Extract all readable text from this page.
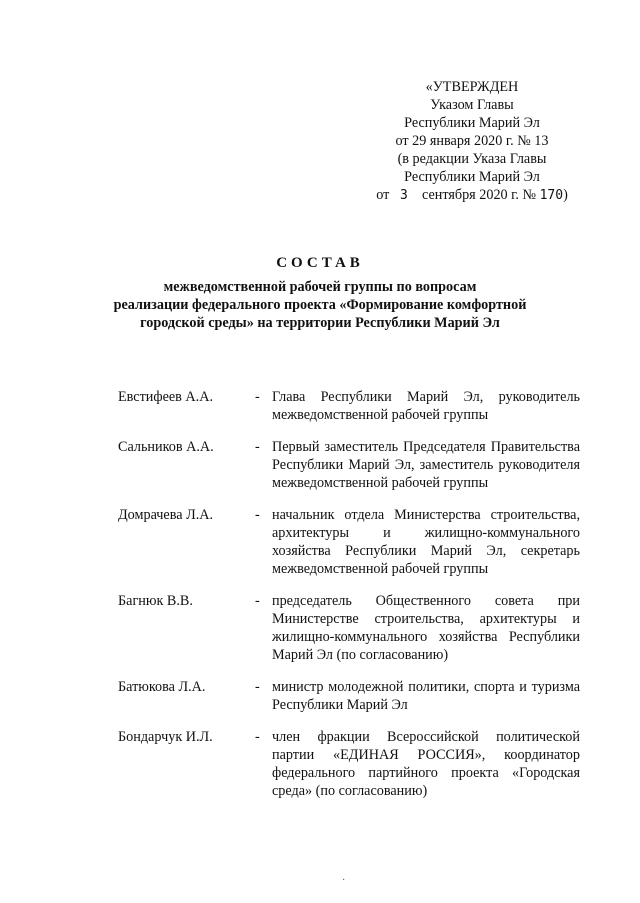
«УТВЕРЖДЕН
Указом Главы
Республики Марий Эл
от 29 января 2020 г. № 13
(в редакции Указа Главы
Республики Марий Эл
от 3 сентября 2020 г. № 170)
СОСТАВ
межведомственной рабочей группы по вопросам
реализации федерального проекта «Формирование комфортной
городской среды» на территории Республики Марий Эл
Евстифеев А.А.	- Глава Республики Марий Эл, руководитель межведомственной рабочей группы
Сальников А.А.	- Первый заместитель Председателя Правительства Республики Марий Эл, заместитель руководителя межведомственной рабочей группы
Домрачева Л.А.	- начальник отдела Министерства строительства, архитектуры и жилищно-коммунального хозяйства Республики Марий Эл, секретарь межведомственной рабочей группы
Багнюк В.В.	- председатель Общественного совета при Министерстве строительства, архитектуры и жилищно-коммунального хозяйства Республики Марий Эл (по согласованию)
Батюкова Л.А.	- министр молодежной политики, спорта и туризма Республики Марий Эл
Бондарчук И.Л.	- член фракции Всероссийской политической партии «ЕДИНАЯ РОССИЯ», координатор федерального партийного проекта «Городская среда» (по согласованию)
·
